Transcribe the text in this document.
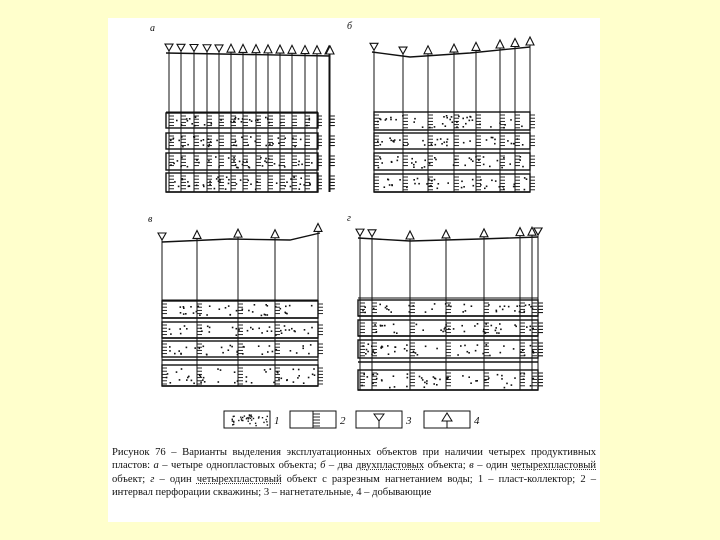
а	б
в	г
1	2	3	4
Рисунок 76 – Варианты выделения эксплуатационных объектов при наличии четырех продуктивных пластов: а – четыре однопластовых объекта; б – два двухпластовых объекта; в – один четырехпластовый объект; г – один четырехпластовый объект с разрезным нагнетанием воды; 1 – пласт-коллектор; 2 – интервал перфорации скважины; 3 – нагнетательные, 4 – добывающие
